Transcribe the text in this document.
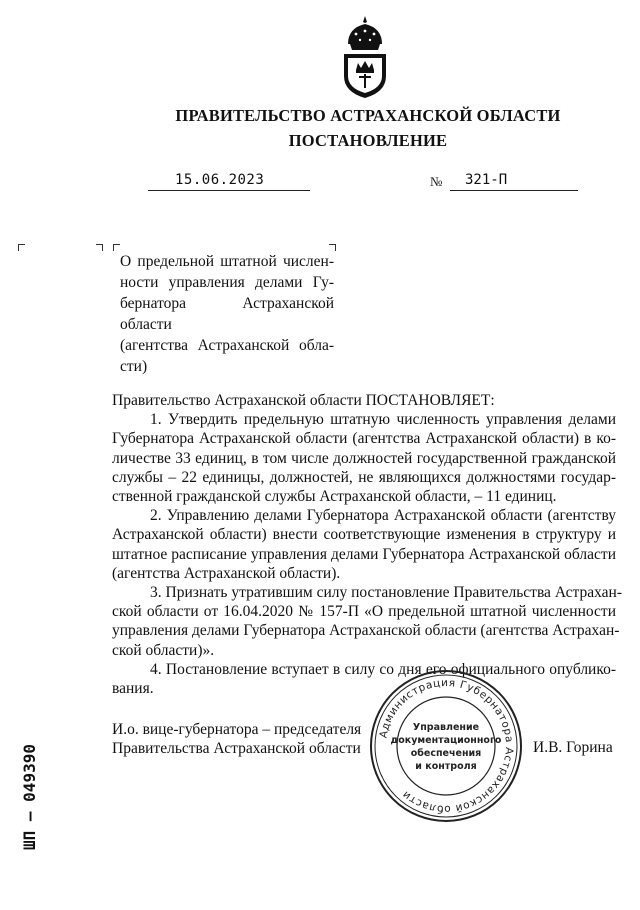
ПРАВИТЕЛЬСТВО АСТРАХАНСКОЙ ОБЛАСТИ
ПОСТАНОВЛЕНИЕ
15.06.2023	№ 321-П
О предельной штатной числен-
ности управления делами Гу-
бернатора Астраханской области
(агентства Астраханской обла-
сти)
Правительство Астраханской области ПОСТАНОВЛЯЕТ:
1. Утвердить предельную штатную численность управления делами
Губернатора Астраханской области (агентства Астраханской области) в ко-
личестве 33 единиц, в том числе должностей государственной гражданской
службы – 22 единицы, должностей, не являющихся должностями государ-
ственной гражданской службы Астраханской области, – 11 единиц.
2. Управлению делами Губернатора Астраханской области (агентству
Астраханской области) внести соответствующие изменения в структуру и
штатное расписание управления делами Губернатора Астраханской области
(агентства Астраханской области).
3. Признать утратившим силу постановление Правительства Астрахан-
ской области от 16.04.2020 № 157-П «О предельной штатной численности
управления делами Губернатора Астраханской области (агентства Астрахан-
ской области)».
4. Постановление вступает в силу со дня его официального опублико-
вания.
И.о. вице-губернатора – председателя
Правительства Астраханской области	И.В. Горина
Администрация Губернатора Астраханской области
Управление
документационного
обеспечения
и контроля
ШП – 049390
